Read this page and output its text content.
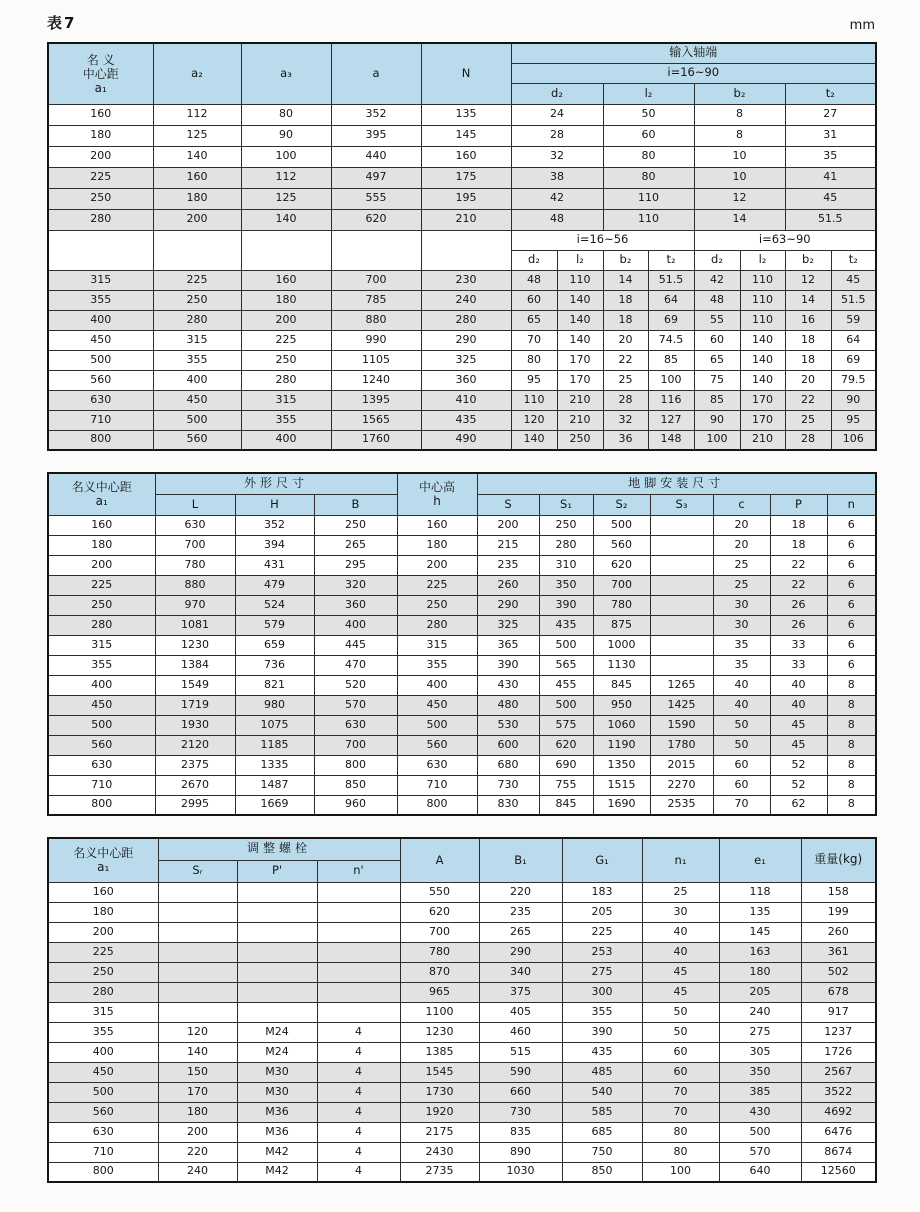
表7	mm
名 义
中心距
a₁	a₂	a₃	a	N	输入轴端							
					i=16~90							
					d₂		l₂		b₂		t₂	
160	112	80	352	135	24		50		8		27	
180	125	90	395	145	28		60		8		31	
200	140	100	440	160	32		80		10		35	
225	160	112	497	175	38		80		10		41	
250	180	125	555	195	42		110		12		45	
280	200	140	620	210	48		110		14		51.5	
					i=16~56				i=63~90			
					d₂	l₂	b₂	t₂	d₂	l₂	b₂	t₂
315	225	160	700	230	48	110	14	51.5	42	110	12	45
355	250	180	785	240	60	140	18	64	48	110	14	51.5
400	280	200	880	280	65	140	18	69	55	110	16	59
450	315	225	990	290	70	140	20	74.5	60	140	18	64
500	355	250	1105	325	80	170	22	85	65	140	18	69
560	400	280	1240	360	95	170	25	100	75	140	20	79.5
630	450	315	1395	410	110	210	28	116	85	170	22	90
710	500	355	1565	435	120	210	32	127	90	170	25	95
800	560	400	1760	490	140	250	36	148	100	210	28	106
名义中心距
a₁	外形尺寸			中心高
h	地脚安装尺寸						
	L	H	B		S	S₁	S₂	S₃	c	P	n
160	630	352	250	160	200	250	500		20	18	6
180	700	394	265	180	215	280	560		20	18	6
200	780	431	295	200	235	310	620		25	22	6
225	880	479	320	225	260	350	700		25	22	6
250	970	524	360	250	290	390	780		30	26	6
280	1081	579	400	280	325	435	875		30	26	6
315	1230	659	445	315	365	500	1000		35	33	6
355	1384	736	470	355	390	565	1130		35	33	6
400	1549	821	520	400	430	455	845	1265	40	40	8
450	1719	980	570	450	480	500	950	1425	40	40	8
500	1930	1075	630	500	530	575	1060	1590	50	45	8
560	2120	1185	700	560	600	620	1190	1780	50	45	8
630	2375	1335	800	630	680	690	1350	2015	60	52	8
710	2670	1487	850	710	730	755	1515	2270	60	52	8
800	2995	1669	960	800	830	845	1690	2535	70	62	8
名义中心距
a₁	调整螺栓			A	B₁	G₁	n₁	e₁	重量(kg)
	Sᵣ	P'	n'						
160				550	220	183	25	118	158
180				620	235	205	30	135	199
200				700	265	225	40	145	260
225				780	290	253	40	163	361
250				870	340	275	45	180	502
280				965	375	300	45	205	678
315				1100	405	355	50	240	917
355	120	M24	4	1230	460	390	50	275	1237
400	140	M24	4	1385	515	435	60	305	1726
450	150	M30	4	1545	590	485	60	350	2567
500	170	M30	4	1730	660	540	70	385	3522
560	180	M36	4	1920	730	585	70	430	4692
630	200	M36	4	2175	835	685	80	500	6476
710	220	M42	4	2430	890	750	80	570	8674
800	240	M42	4	2735	1030	850	100	640	12560
